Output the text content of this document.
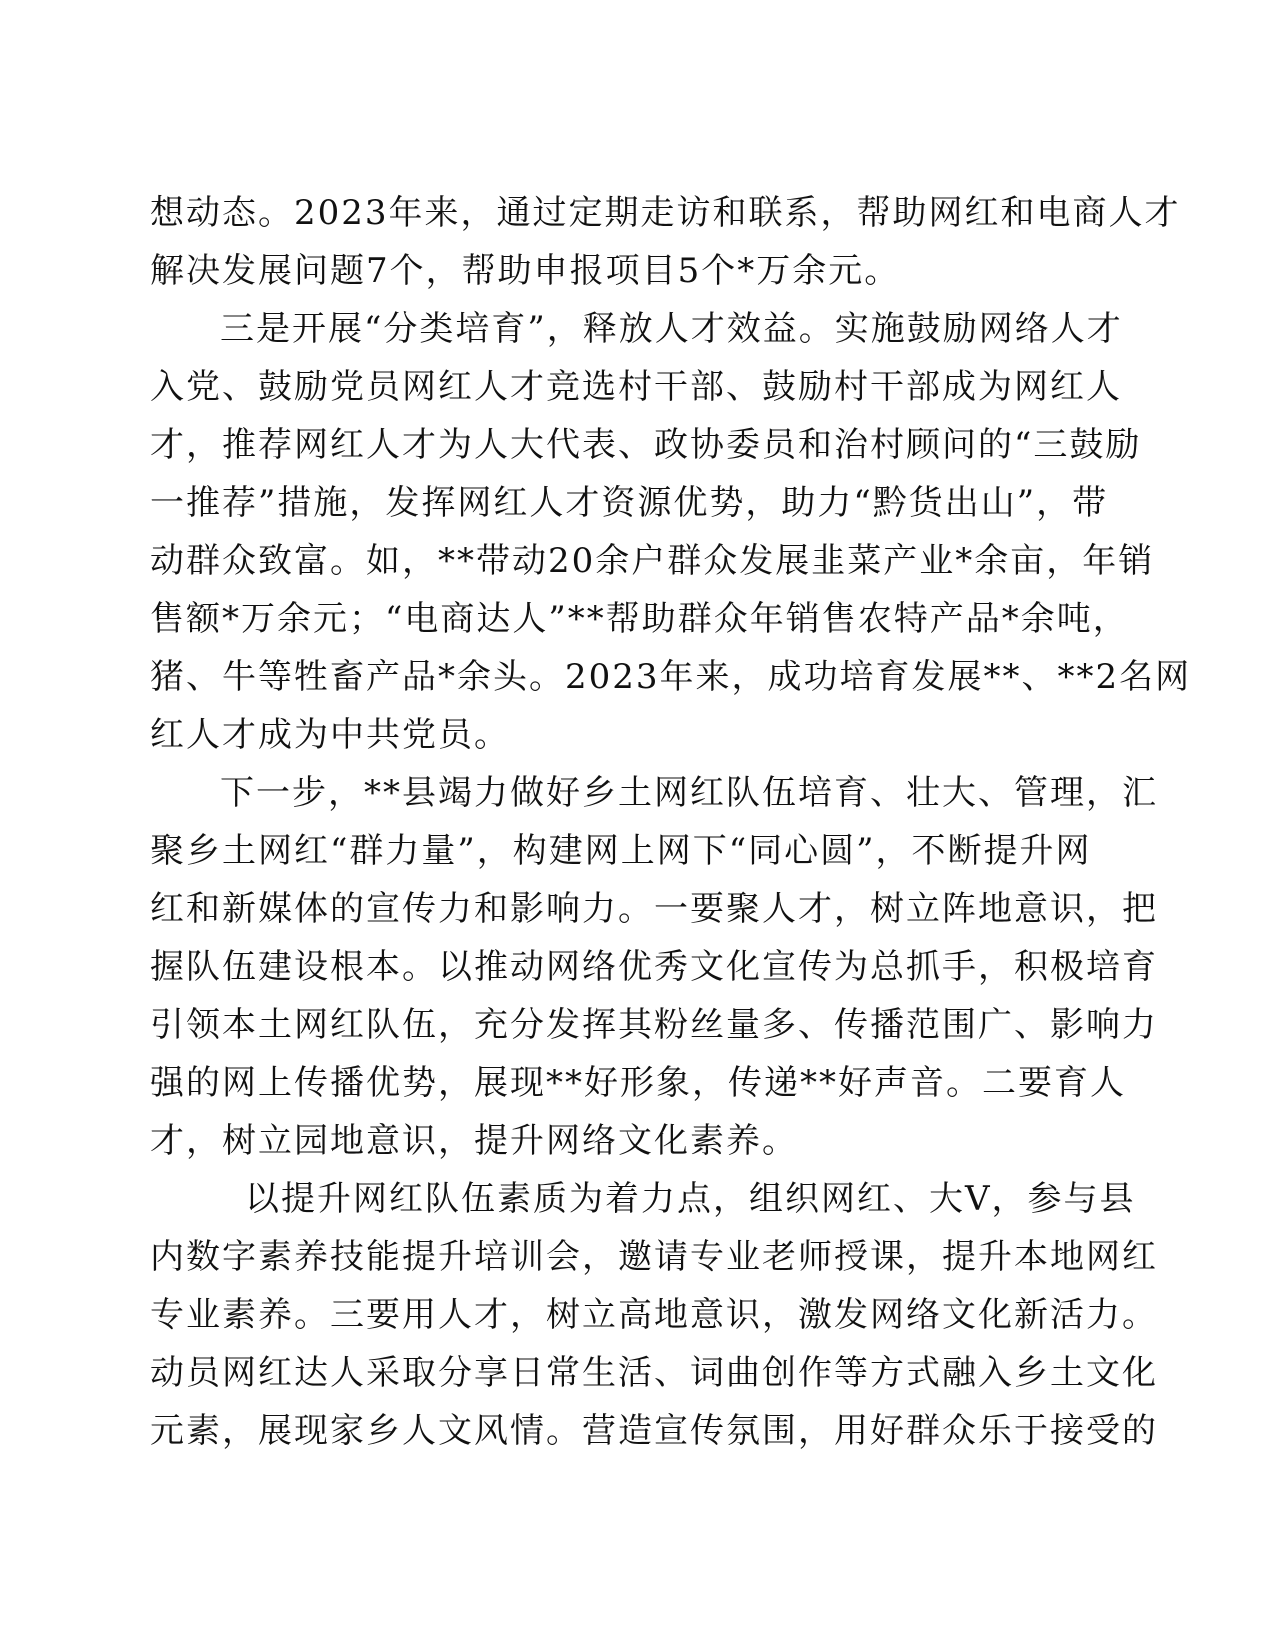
想动态。2023年来，通过定期走访和联系，帮助网红和电商人才
解决发展问题7个，帮助申报项目5个*万余元。
三是开展“分类培育”，释放人才效益。实施鼓励网络人才
入党、鼓励党员网红人才竞选村干部、鼓励村干部成为网红人
才，推荐网红人才为人大代表、政协委员和治村顾问的“三鼓励
一推荐”措施，发挥网红人才资源优势，助力“黔货出山”，带
动群众致富。如，**带动20余户群众发展韭菜产业*余亩，年销
售额*万余元；“电商达人”**帮助群众年销售农特产品*余吨，
猪、牛等牲畜产品*余头。2023年来，成功培育发展**、**2名网
红人才成为中共党员。
下一步，**县竭力做好乡土网红队伍培育、壮大、管理，汇
聚乡土网红“群力量”，构建网上网下“同心圆”，不断提升网
红和新媒体的宣传力和影响力。一要聚人才，树立阵地意识，把
握队伍建设根本。以推动网络优秀文化宣传为总抓手，积极培育
引领本土网红队伍，充分发挥其粉丝量多、传播范围广、影响力
强的网上传播优势，展现**好形象，传递**好声音。二要育人
才，树立园地意识，提升网络文化素养。
以提升网红队伍素质为着力点，组织网红、大V，参与县
内数字素养技能提升培训会，邀请专业老师授课，提升本地网红
专业素养。三要用人才，树立高地意识，激发网络文化新活力。
动员网红达人采取分享日常生活、词曲创作等方式融入乡土文化
元素，展现家乡人文风情。营造宣传氛围，用好群众乐于接受的
